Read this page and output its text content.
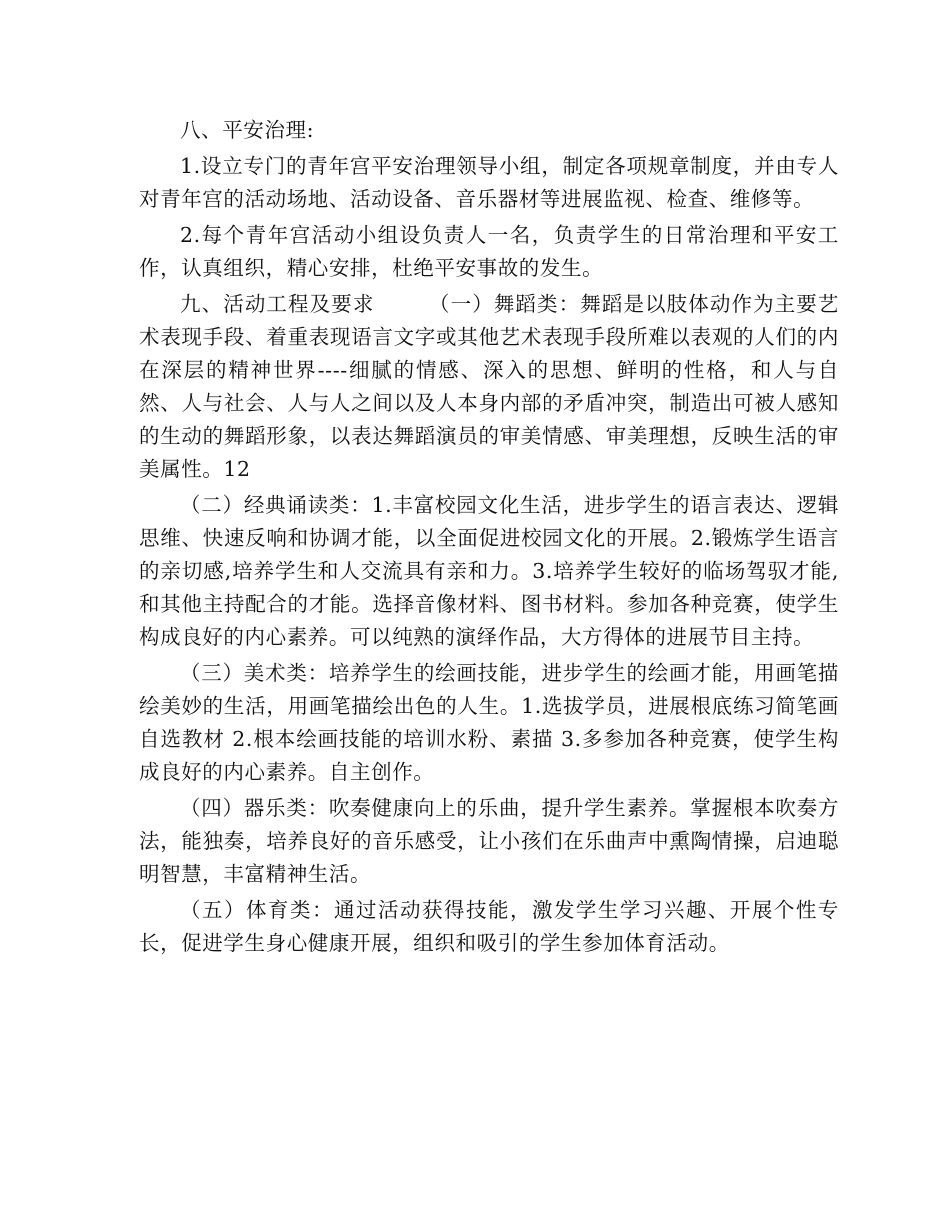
八、平安治理:

1.设立专门的青年宫平安治理领导小组，制定各项规章制度，并由专人对青年宫的活动场地、活动设备、音乐器材等进展监视、检查、维修等。

2.每个青年宫活动小组设负责人一名，负责学生的日常治理和平安工作，认真组织，精心安排，杜绝平安事故的发生。

九、活动工程及要求　　　（一）舞蹈类：舞蹈是以肢体动作为主要艺术表现手段、着重表现语言文字或其他艺术表现手段所难以表观的人们的内在深层的精神世界----细腻的情感、深入的思想、鲜明的性格，和人与自然、人与社会、人与人之间以及人本身内部的矛盾冲突，制造出可被人感知的生动的舞蹈形象，以表达舞蹈演员的审美情感、审美理想，反映生活的审美属性。12

（二）经典诵读类：1.丰富校园文化生活，进步学生的语言表达、逻辑思维、快速反响和协调才能，以全面促进校园文化的开展。2.锻炼学生语言的亲切感,培养学生和人交流具有亲和力。3.培养学生较好的临场驾驭才能,和其他主持配合的才能。选择音像材料、图书材料。参加各种竞赛，使学生构成良好的内心素养。可以纯熟的演绎作品，大方得体的进展节目主持。

（三）美术类：培养学生的绘画技能，进步学生的绘画才能，用画笔描绘美妙的生活，用画笔描绘出色的人生。1.选拔学员，进展根底练习简笔画自选教材 2.根本绘画技能的培训水粉、素描 3.多参加各种竞赛，使学生构成良好的内心素养。自主创作。

（四）器乐类：吹奏健康向上的乐曲，提升学生素养。掌握根本吹奏方法，能独奏，培养良好的音乐感受，让小孩们在乐曲声中熏陶情操，启迪聪明智慧，丰富精神生活。

（五）体育类：通过活动获得技能，激发学生学习兴趣、开展个性专长，促进学生身心健康开展，组织和吸引的学生参加体育活动。
